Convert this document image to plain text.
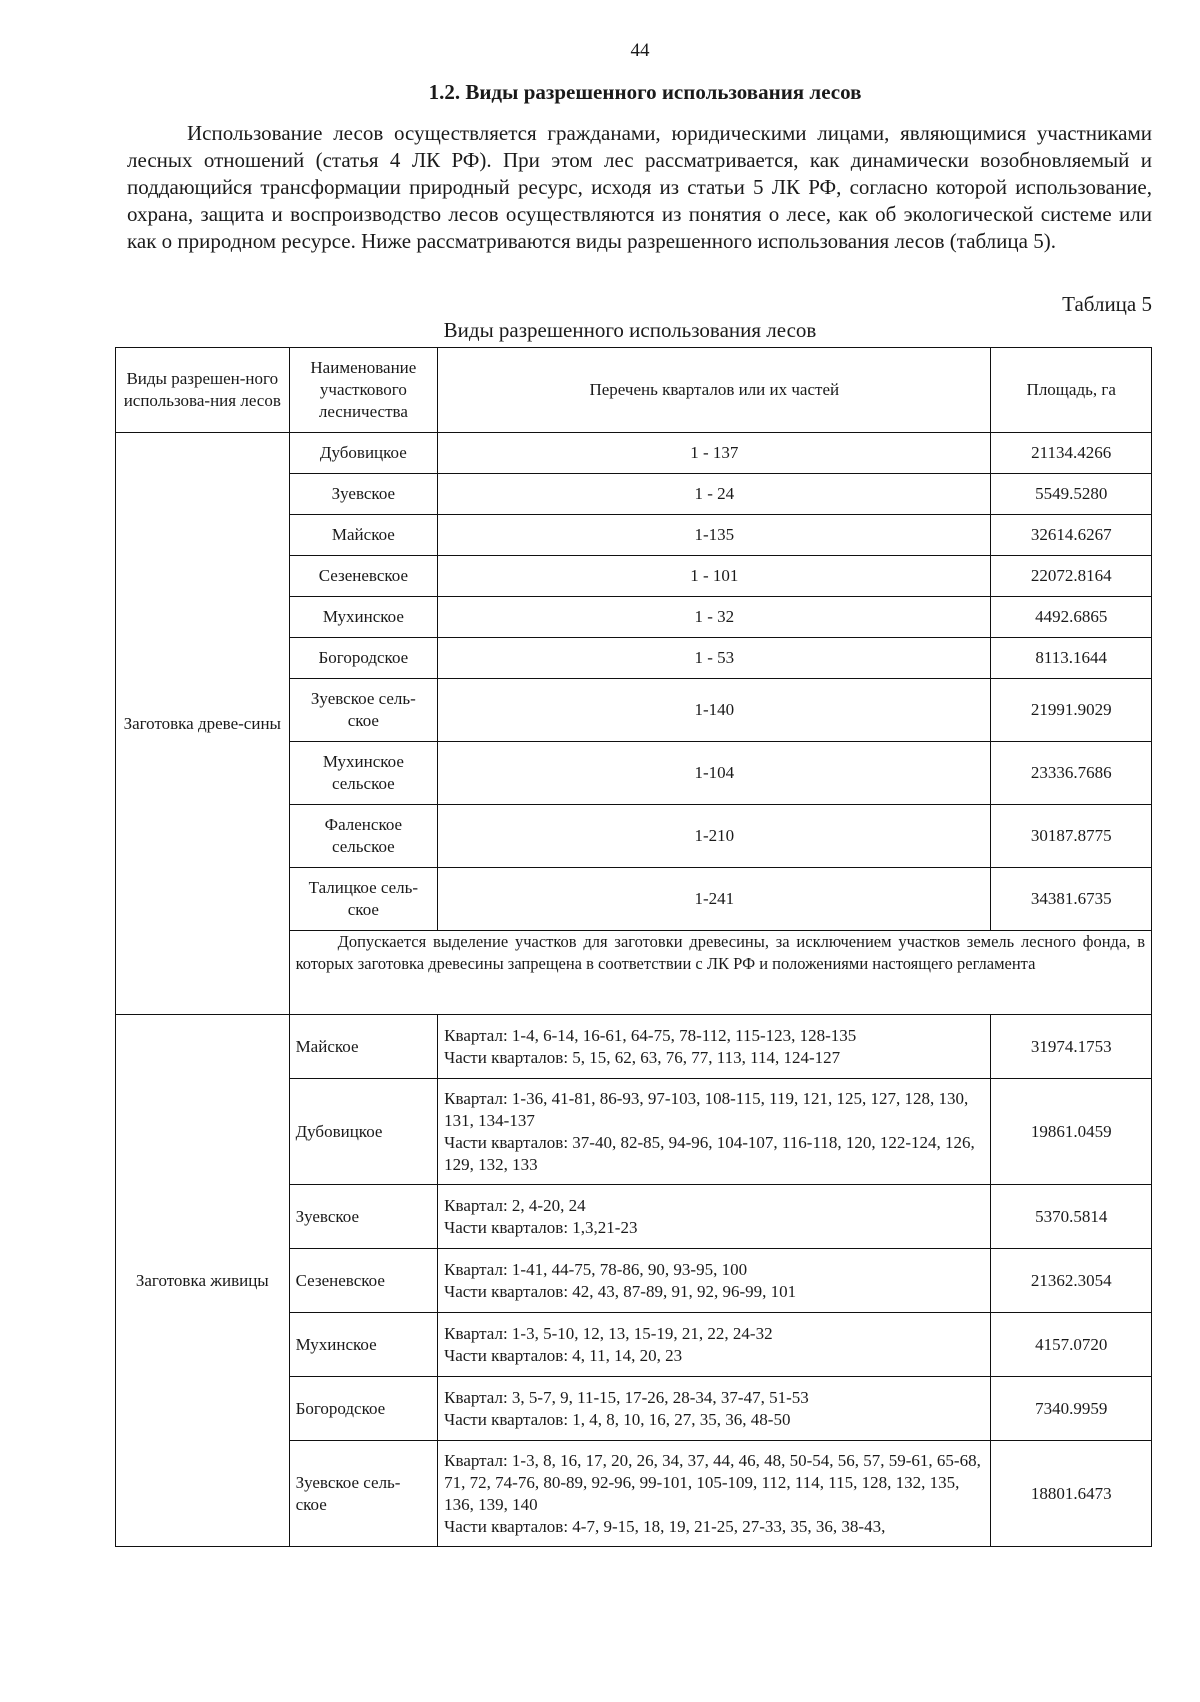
44
1.2. Виды разрешенного использования лесов

Использование лесов осуществляется гражданами, юридическими лицами, являющимися участниками лесных отношений (статья 4 ЛК РФ). При этом лес рассматривается, как динамически возобновляемый и поддающийся трансформации природный ресурс, исходя из статьи 5 ЛК РФ, согласно которой использование, охрана, защита и воспроизводство лесов осуществляются из понятия о лесе, как об экологической системе или как о природном ресурсе. Ниже рассматриваются виды разрешенного использования лесов (таблица 5).

Таблица 5
Виды разрешенного использования лесов
Виды разрешен-ного использова-ния лесов	Наименование участкового лесничества	Перечень кварталов или их частей	Площадь, га
Заготовка древе-сины	Дубовицкое	1 - 137	21134.4266
	Зуевское	1 - 24	5549.5280
	Майское	1-135	32614.6267
	Сезеневское	1 - 101	22072.8164
	Мухинское	1 - 32	4492.6865
	Богородское	1 - 53	8113.1644
	Зуевское сель-ское	1-140	21991.9029
	Мухинское сельское	1-104	23336.7686
	Фаленское сельское	1-210	30187.8775
	Талицкое сель-ское	1-241	34381.6735
	Допускается выделение участков для заготовки древесины, за исключением участков земель лесного фонда, в которых заготовка древесины запрещена в соответствии с ЛК РФ и положениями настоящего регламента		
Заготовка живицы	Майское	Квартал: 1-4, 6-14, 16-61, 64-75, 78-112, 115-123, 128-135
Части кварталов: 5, 15, 62, 63, 76, 77, 113, 114, 124-127	31974.1753
	Дубовицкое	Квартал: 1-36, 41-81, 86-93, 97-103, 108-115, 119, 121, 125, 127, 128, 130, 131, 134-137
Части кварталов: 37-40, 82-85, 94-96, 104-107, 116-118, 120, 122-124, 126, 129, 132, 133	19861.0459
	Зуевское	Квартал: 2, 4-20, 24
Части кварталов: 1,3,21-23	5370.5814
	Сезеневское	Квартал: 1-41, 44-75, 78-86, 90, 93-95, 100
Части кварталов: 42, 43, 87-89, 91, 92, 96-99, 101	21362.3054
	Мухинское	Квартал: 1-3, 5-10, 12, 13, 15-19, 21, 22, 24-32
Части кварталов: 4, 11, 14, 20, 23	4157.0720
	Богородское	Квартал: 3, 5-7, 9, 11-15, 17-26, 28-34, 37-47, 51-53
Части кварталов: 1, 4, 8, 10, 16, 27, 35, 36, 48-50	7340.9959
	Зуевское сель-ское	Квартал: 1-3, 8, 16, 17, 20, 26, 34, 37, 44, 46, 48, 50-54, 56, 57, 59-61, 65-68, 71, 72, 74-76, 80-89, 92-96, 99-101, 105-109, 112, 114, 115, 128, 132, 135, 136, 139, 140
Части кварталов: 4-7, 9-15, 18, 19, 21-25, 27-33, 35, 36, 38-43,	18801.6473
